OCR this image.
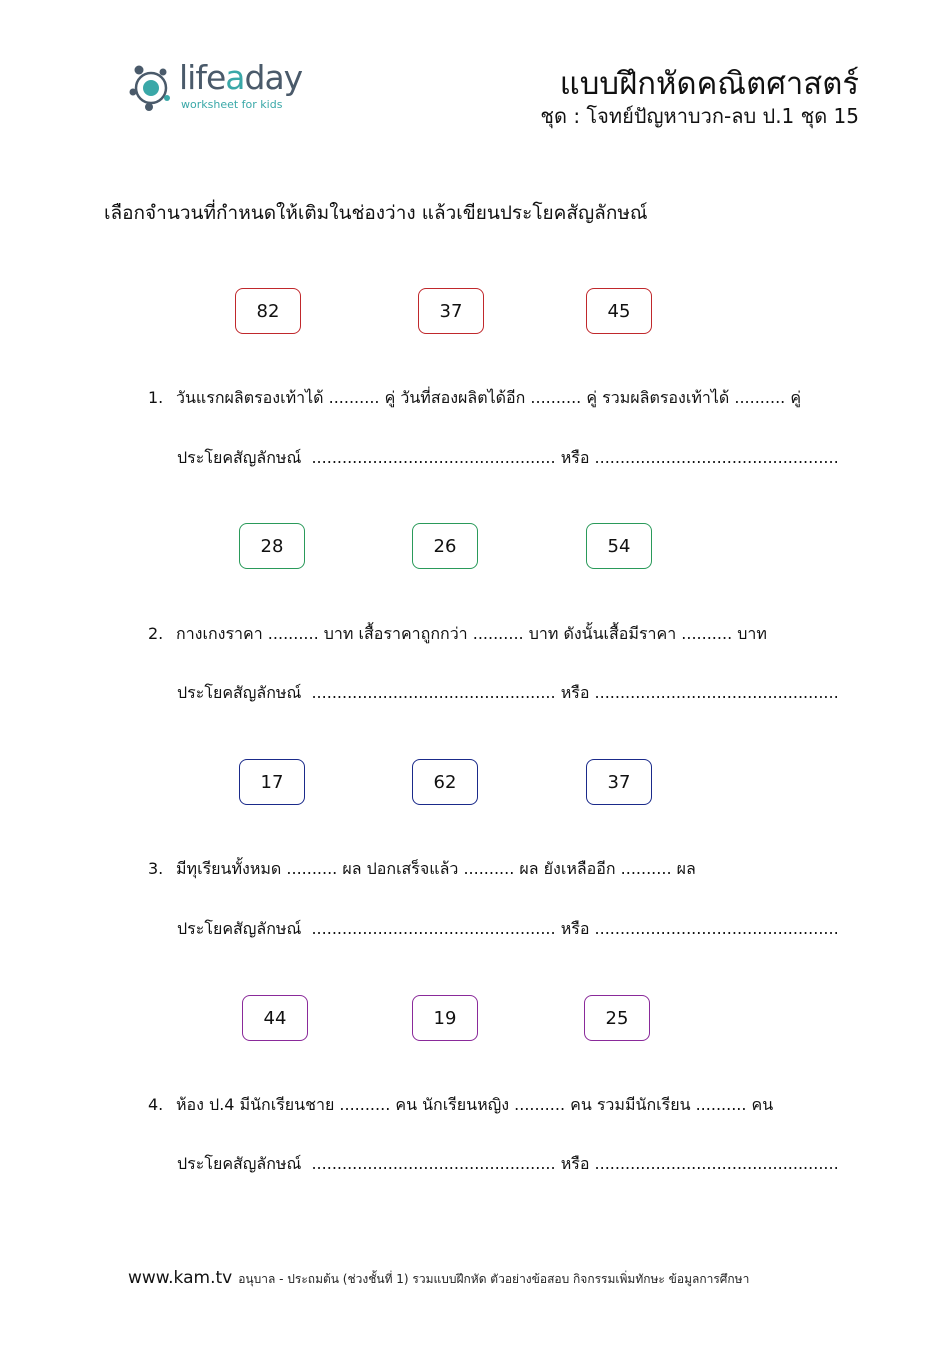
lifeaday
worksheet for kids
แบบฝึกหัดคณิตศาสตร์
ชุด : โจทย์ปัญหาบวก-ลบ ป.1 ชุด 15
เลือกจำนวนที่กำหนดให้เติมในช่องว่าง แล้วเขียนประโยคสัญลักษณ์
82	37	45
1. วันแรกผลิตรองเท้าได้ .......... คู่ วันที่สองผลิตได้อีก .......... คู่ รวมผลิตรองเท้าได้ .......... คู่
ประโยคสัญลักษณ์ ................................................ หรือ ................................................
28	26	54
2. กางเกงราคา .......... บาท เสื้อราคาถูกกว่า .......... บาท ดังนั้นเสื้อมีราคา .......... บาท
ประโยคสัญลักษณ์ ................................................ หรือ ................................................
17	62	37
3. มีทุเรียนทั้งหมด .......... ผล ปอกเสร็จแล้ว .......... ผล ยังเหลืออีก .......... ผล
ประโยคสัญลักษณ์ ................................................ หรือ ................................................
44	19	25
4. ห้อง ป.4 มีนักเรียนชาย .......... คน นักเรียนหญิง .......... คน รวมมีนักเรียน .......... คน
ประโยคสัญลักษณ์ ................................................ หรือ ................................................
www.kam.tv อนุบาล - ประถมต้น (ช่วงชั้นที่ 1) รวมแบบฝึกหัด ตัวอย่างข้อสอบ กิจกรรมเพิ่มทักษะ ข้อมูลการศึกษา
